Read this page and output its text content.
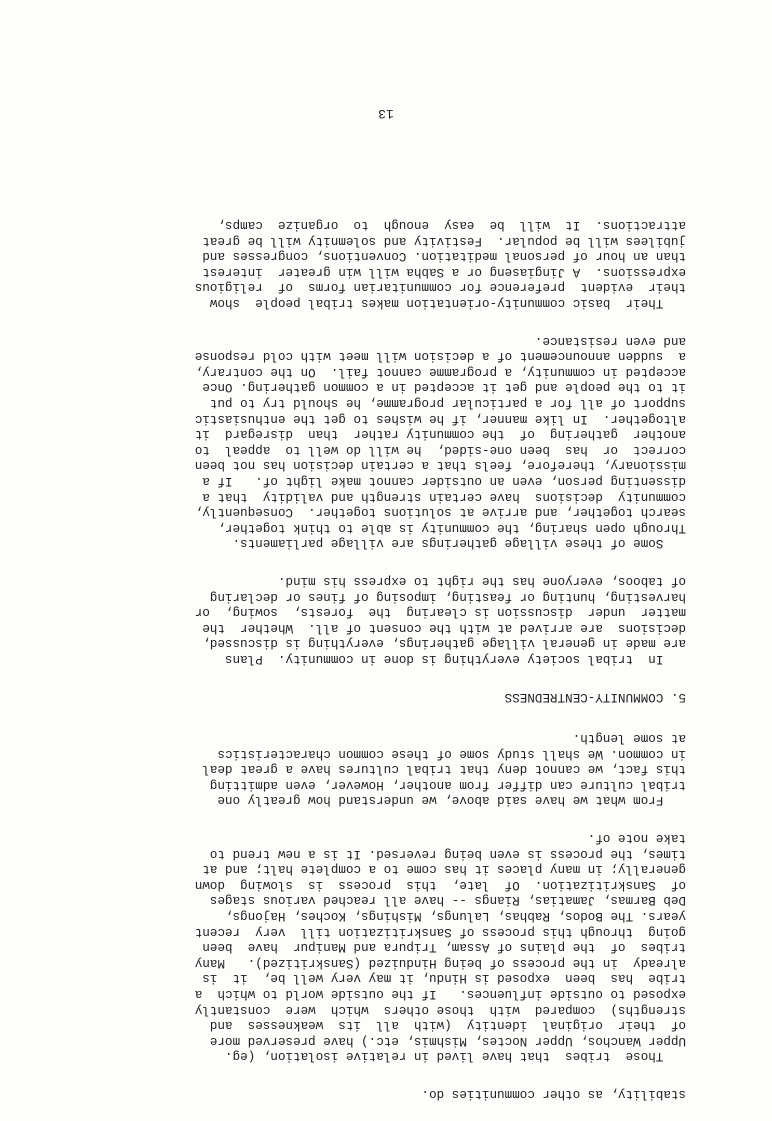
stability, as other communities do.
Those  tribes  that have lived in relative isolation, (eg.
Upper Wanchos, Upper Noctes, Mishmis, etc.) have preserved more
of  their  original  identity  (with  all  its  weaknesses  and
strengths)  compared  with  those others  which  were  constantly
exposed to outside influences.   If the outside world to which  a
tribe  has  been  exposed is Hindu, it may very well be,  it  is
already  in the process of being Hinduized (Sanskritized).   Many
tribes  of  the plains of Assam, Tripura and Manipur  have  been
going  through this process of Sanskritization till  very  recent
years. The Bodos, Rabhas, Lalungs, Mishings, Koches, Hajongs,
Deb Barmas, Jamatias, Riangs -- have all reached various stages
of  Sanskritization.  Of  late,  this  process  is  slowing  down
generally; in many places it has come to a complete halt; and at
times, the process is even being reversed. It is a new trend to
take note of.
From what we have said above, we understand how greatly one
tribal culture can differ from another, However, even admitting
this fact, we cannot deny that tribal cultures have a great deal
in common. We shall study some of these common characteristics
at some length.
5. COMMUNITY-CENTREDNESS
In  tribal society everything is done in community.  Plans
are made in general village gatherings, everything is discussed,
decisions  are arrived at with the consent of all.  Whether  the
matter  under  discussion is clearing  the  forests,  sowing,  or
harvesting, hunting or feasting, imposing of fines or declaring
of taboos, everyone has the right to express his mind.
Some of these village gatherings are village parliaments.
Through open sharing, the community is able to think together,
search together, and arrive at solutions together.  Consequently,
community  decisions  have certain strength and validity  that a
dissenting person, even an outsider cannot make light of.   If a
missionary, therefore, feels that a certain decision has not been
correct  or  has  been one-sided,  he will do well to  appeal  to
another  gathering  of  the community rather  than  disregard  it
altogether.  In like manner, if he wishes to get the enthusiastic
support of all for a particular programme, he should try to put
it to the people and get it accepted in a common gathering. Once
accepted in community, a programme cannot fail.  On the contrary,
a  sudden announcement of a decision will meet with cold response
and even resistance.
Their  basic community-orientation makes tribal people  show
their  evident  preference for communitarian forms  of  religious
expressions.  A Jingiaseng or a Sabha will win greater  interest
than an hour of personal meditation. Conventions, congresses and
jubilees will be popular.  Festivity and solemnity will be great
attractions.  It  will  be  easy  enough  to  organize  camps,
13
